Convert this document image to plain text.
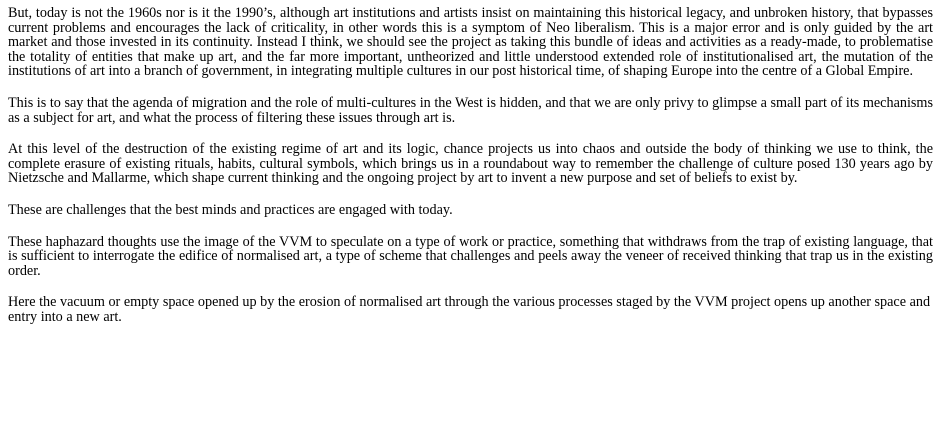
But, today is not the 1960s nor is it the 1990’s, although art institutions and artists insist on maintaining this historical legacy, and unbroken history, that bypasses current problems and encourages the lack of criticality, in other words this is a symptom of Neo liberalism. This is a major error and is only guided by the art market and those invested in its continuity. Instead I think, we should see the project as taking this bundle of ideas and activities as a ready-made, to problematise the totality of entities that make up art, and the far more important, untheorized and little understood extended role of institutionalised art, the mutation of the institutions of art into a branch of government, in integrating multiple cultures in our post historical time, of shaping Europe into the centre of a Global Empire.

This is to say that the agenda of migration and the role of multi-cultures in the West is hidden, and that we are only privy to glimpse a small part of its mechanisms as a subject for art, and what the process of filtering these issues through art is.

At this level of the destruction of the existing regime of art and its logic, chance projects us into chaos and outside the body of thinking we use to think, the complete erasure of existing rituals, habits, cultural symbols, which brings us in a roundabout way to remember the challenge of culture posed 130 years ago by Nietzsche and Mallarme, which shape current thinking and the ongoing project by art to invent a new purpose and set of beliefs to exist by.

These are challenges that the best minds and practices are engaged with today.

These haphazard thoughts use the image of the VVM to speculate on a type of work or practice, something that withdraws from the trap of existing language, that is sufficient to interrogate the edifice of normalised art, a type of scheme that challenges and peels away the veneer of received thinking that trap us in the existing order.

Here the vacuum or empty space opened up by the erosion of normalised art through the various processes staged by the VVM project opens up another space and entry into a new art.
